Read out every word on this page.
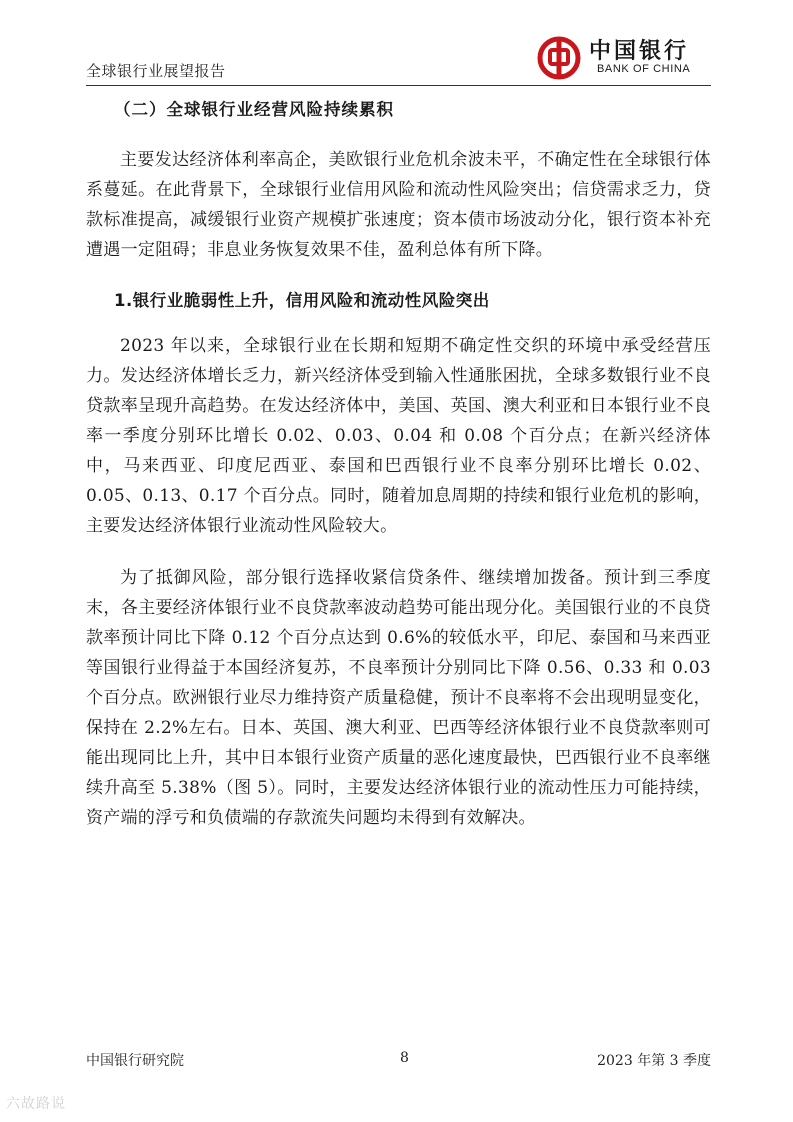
全球银行业展望报告
中国银行
BANK OF CHINA
（二）全球银行业经营风险持续累积

主要发达经济体利率高企，美欧银行业危机余波未平，不确定性在全球银行体系蔓延。在此背景下，全球银行业信用风险和流动性风险突出；信贷需求乏力，贷款标准提高，减缓银行业资产规模扩张速度；资本债市场波动分化，银行资本补充遭遇一定阻碍；非息业务恢复效果不佳，盈利总体有所下降。

1.银行业脆弱性上升，信用风险和流动性风险突出

2023 年以来，全球银行业在长期和短期不确定性交织的环境中承受经营压力。发达经济体增长乏力，新兴经济体受到输入性通胀困扰，全球多数银行业不良贷款率呈现升高趋势。在发达经济体中，美国、英国、澳大利亚和日本银行业不良率一季度分别环比增长 0.02、0.03、0.04 和 0.08 个百分点；在新兴经济体中，马来西亚、印度尼西亚、泰国和巴西银行业不良率分别环比增长 0.02、0.05、0.13、0.17 个百分点。同时，随着加息周期的持续和银行业危机的影响，主要发达经济体银行业流动性风险较大。

为了抵御风险，部分银行选择收紧信贷条件、继续增加拨备。预计到三季度末，各主要经济体银行业不良贷款率波动趋势可能出现分化。美国银行业的不良贷款率预计同比下降 0.12 个百分点达到 0.6%的较低水平，印尼、泰国和马来西亚等国银行业得益于本国经济复苏，不良率预计分别同比下降 0.56、0.33 和 0.03 个百分点。欧洲银行业尽力维持资产质量稳健，预计不良率将不会出现明显变化，保持在 2.2%左右。日本、英国、澳大利亚、巴西等经济体银行业不良贷款率则可能出现同比上升，其中日本银行业资产质量的恶化速度最快，巴西银行业不良率继续升高至 5.38%（图 5）。同时，主要发达经济体银行业的流动性压力可能持续，资产端的浮亏和负债端的存款流失问题均未得到有效解决。

中国银行研究院	8	2023 年第 3 季度
六故路说
